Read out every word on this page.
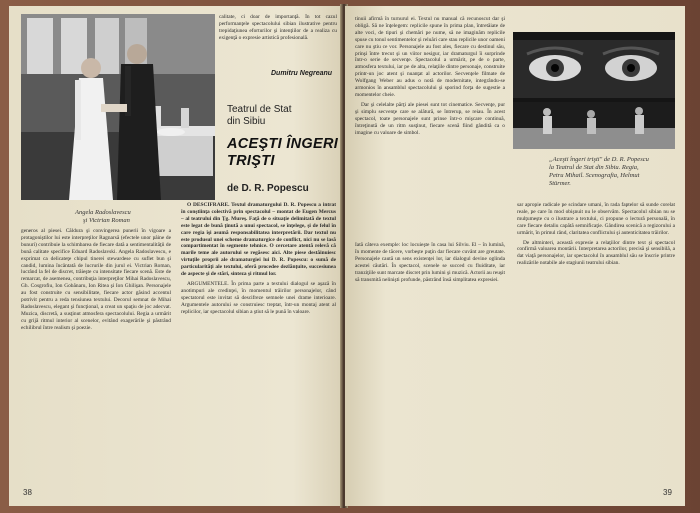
Angela Radoslavescu
şi Victrian Roman

calitate, ci doar de importanţă. În tot cazul performanţele spectacolului sibian ilustrative pentru trepidaţiunea eforturilor şi intenţiilor de a realiza cu exigenţă o expresie artistică profesională.

Dumitru Negreanu
Teatrul de Stat
din Sibiu
ACEŞTI ÎNGERI
TRIŞTI
de D. R. Popescu

generos al piesei. Căldura şi convingerea punerii în vigoare a protagoniştilor lui este interpreţilor Ragnarsă (efectele unor pâine de bunuri) contribuie la schimbarea de fiecare dată a sentimentalităţii de bună calitate specifice Eduard Radoslavski. Angela Radoslavescu, e exprimat ca delicateţe chipul tinerei stewardese cu suflet bun şi candid, lumina încântată de lucrurile din jurul ei. Victrian Roman, lucrând la fel de discret, trăieşte cu intensitate fiecare scenă. Este de remarcat, de asemenea, contribuţia interpreţilor Mihai Radoslavescu, Gh. Cosgrofiu, Ion Gobănaru, Ion Ritea şi Ion Ghilişan. Personajele au fost construite cu sensibilitate, fiecare actor găsind accentul potrivit pentru a reda tensiunea textului. Decorul semnat de Mihai Radoslavescu, elegant şi funcţional, a creat un spaţiu de joc adecvat. Muzica, discretă, a susţinut atmosfera spectacolului. Regia a urmărit cu grijă ritmul interior al scenelor, evitând exagerările şi păstrând echilibrul între realism şi poezie.

O DESCIFRARE. Textul dramaturgului D. R. Popescu a intrat în conştiinţa colectivă prin spectacolul – montat de Eugen Mercus – al teatrului din Ţg. Mureş. Faţă de o situaţie delimitată de textul este legat de bună ţinută a unui spectacol, se înţelege, şi de felul în care regia îşi asumă responsabilitatea interpretării. Dar textul nu este produsul unei scheme dramaturgice de conflict, nici nu se lasă compartimentat în segmente tehnice. O cercetare atentă relevă că marile teme ale autorului se regăsesc aici. Alte piese destăinuiesc virtuţile proprii ale dramaturgiei lui D. R. Popescu: o sumă de particularităţi ale textului, oferă procedee dezlănţuite, succesiunea de aspecte şi de stări, sinteza şi ritmul lor.

ARGUMENTELE. În prima parte a textului dialogul se aşază în anotimpuri ale credinţei, în momentul trăirilor personajelor, când spectatorul este invitat să descifreze semnele unei drame interioare. Argumentele autorului se construiesc treptat, într-un montaj atent al replicilor, iar spectacolul sibian a ştiut să le pună în valoare.

38

tinuii afirmă în turnurul ei. Textul nu manual că recunoscut dar şi obligă. Să ne înţelegem: replicile spune în prima plan, întretăiate de alte voci, de tipuri şi chemări pe nume, să ne imaginăm replicile spuse cu tonul sentimentelor şi reluări care stau replicile unor oameni care nu ştiu ce vor. Personajele au fost ales, fiecare cu destinul său, prinşi între trecut şi un viitor nesigur, iar dramaturgul îi surprinde într-o serie de secvenţe. Spectacolul a urmărit, pe de o parte, atmosfera textului, iar pe de alta, relaţiile dintre personaje, construite printr-un joc atent şi nuanţat al actorilor. Secvenţele filmate de Wolfgang Weber au adus o notă de modernitate, integrându-se armonios în ansamblul spectacolului şi sporind forţa de sugestie a momentelor cheie.

Dar şi celelalte părţi ale piesei sunt tot cinematice. Secvenţe, pur şi simplu secvenţe care se alătură, se întrerup, se reiau. În acest spectacol, toate personajele sunt prinse într-o mişcare continuă, întreţinută de un ritm susţinut, fiecare scenă fiind gândită ca o imagine cu valoare de simbol.

„Aceşti îngeri trişti" de D. R. Popescu
la Teatrul de Stat din Sibiu. Regia,
Petru Mihail. Scenografia, Helmut
Stürmer.

Iată câteva exemple: loc locuieşte în casa lui Silviu. El – în lumină, în momente de tăcere, vorbeşte puţin dar fiecare cuvânt are greutate. Personajele caută un sens existenţei lor, iar dialogul devine oglinda acestei căutări. În spectacol, scenele se succed cu fluiditate, iar tranziţiile sunt marcate discret prin lumini şi muzică. Actorii au reuşit să transmită nelinişti profunde, păstrând însă simplitatea expresiei.

sar apropie radicale pe scindare umani, în rada faptelor să sunde corelat reale, pe care în mod obişnuit nu le observăm. Spectacolul sibian nu se mulţumeşte cu o ilustrare a textului, ci propune o lectură personală, în care fiecare detaliu capătă semnificaţie. Gândirea scenică a regizorului a urmărit, în primul rând, claritatea conflictului şi autenticitatea trăirilor.

De altminteri, această expresie a relaţiilor dintre text şi spectacol confirmă valoarea montării. Interpretarea actorilor, precisă şi sensibilă, a dat viaţă personajelor, iar spectacolul în ansamblul său se înscrie printre realizările notabile ale stagiunii teatrului sibian.

39
